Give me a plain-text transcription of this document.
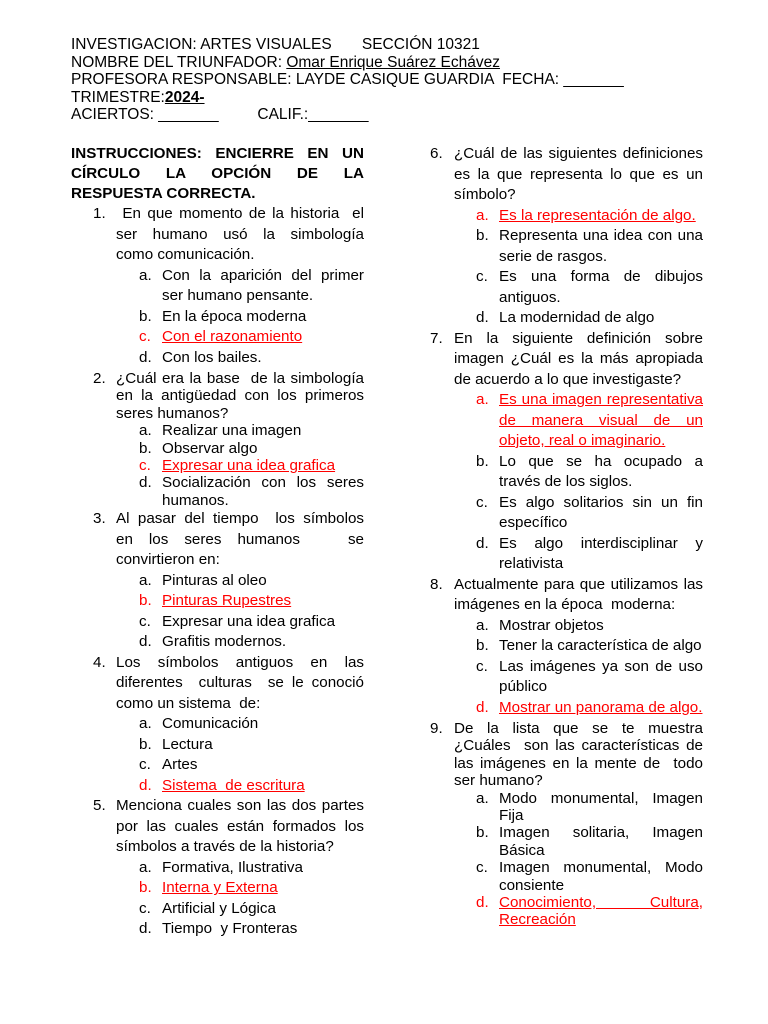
INVESTIGACION: ARTES VISUALES       SECCIÓN 10321
NOMBRE DEL TRIUNFADOR: Omar Enrique Suárez Echávez
PROFESORA RESPONSABLE: LAYDE CASIQUE GUARDIA  FECHA: _______
TRIMESTRE:2024-
ACIERTOS: _______         CALIF.:_______
INSTRUCCIONES: ENCIERRE EN UN CÍRCULO LA OPCIÓN DE LA RESPUESTA CORRECTA.
1. En que momento de la historia  el ser humano usó la simbología  como comunicación.
a. Con la aparición del primer ser humano pensante.
b. En la época moderna
c. Con el razonamiento
d. Con los bailes.
2. ¿Cuál era la base  de la simbología en la antigüedad con los primeros seres humanos?
a. Realizar una imagen
b. Observar algo
c. Expresar una idea grafica
d. Socialización con los seres humanos.
3. Al pasar del tiempo  los símbolos  en los seres humanos   se convirtieron en:
a. Pinturas al oleo
b. Pinturas Rupestres
c. Expresar una idea grafica
d. Grafitis modernos.
4. Los  símbolos  antiguos  en  las diferentes  culturas  se le conoció como un sistema  de:
a. Comunicación
b. Lectura
c. Artes
d. Sistema  de escritura
5. Menciona cuales son las dos partes por las cuales están formados los símbolos a través de la historia?
a. Formativa, Ilustrativa
b. Interna y Externa
c. Artificial y Lógica
d. Tiempo  y Fronteras
6. ¿Cuál de las siguientes definiciones es la que representa lo que es un símbolo?
a. Es la representación de algo.
b. Representa una idea con una serie de rasgos.
c. Es una forma de dibujos antiguos.
d. La modernidad de algo
7. En la siguiente definición sobre imagen ¿Cuál es la más apropiada de acuerdo a lo que investigaste?
a. Es una imagen representativa de manera visual de un objeto, real o imaginario.
b. Lo que se ha ocupado a través de los siglos.
c. Es algo solitarios sin un fin específico
d. Es algo interdisciplinar y relativista
8. Actualmente para que utilizamos las imágenes en la época  moderna:
a. Mostrar objetos
b. Tener la característica de algo
c. Las imágenes ya son de uso público
d. Mostrar un panorama de algo.
9. De la lista que se te muestra ¿Cuáles  son las características de las imágenes en la mente de  todo ser humano?
a. Modo monumental, Imagen Fija
b. Imagen solitaria, Imagen Básica
c. Imagen monumental, Modo consiente
d. Conocimiento, Cultura, Recreación
